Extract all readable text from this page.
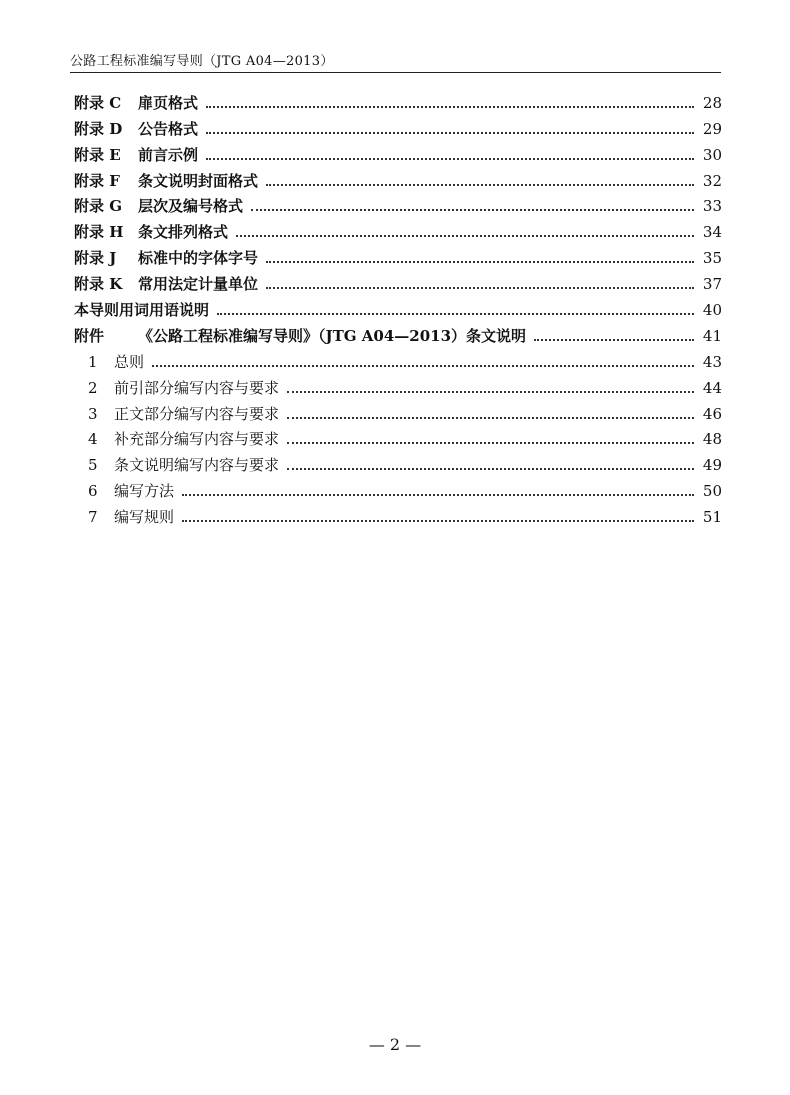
公路工程标准编写导则（JTG A04—2013）
附录 C	扉页格式	28
附录 D	公告格式	29
附录 E	前言示例	30
附录 F	条文说明封面格式	32
附录 G	层次及编号格式	33
附录 H 条文排列格式	34
附录 J	标准中的字体字号	35
附录 K	常用法定计量单位	37
本导则用词用语说明	40
附件	《公路工程标准编写导则》（JTG A04—2013）条文说明	41
1	总则	43
2	前引部分编写内容与要求	44
3	正文部分编写内容与要求	46
4	补充部分编写内容与要求	48
5	条文说明编写内容与要求	49
6	编写方法	50
7	编写规则	51
— 2 —
